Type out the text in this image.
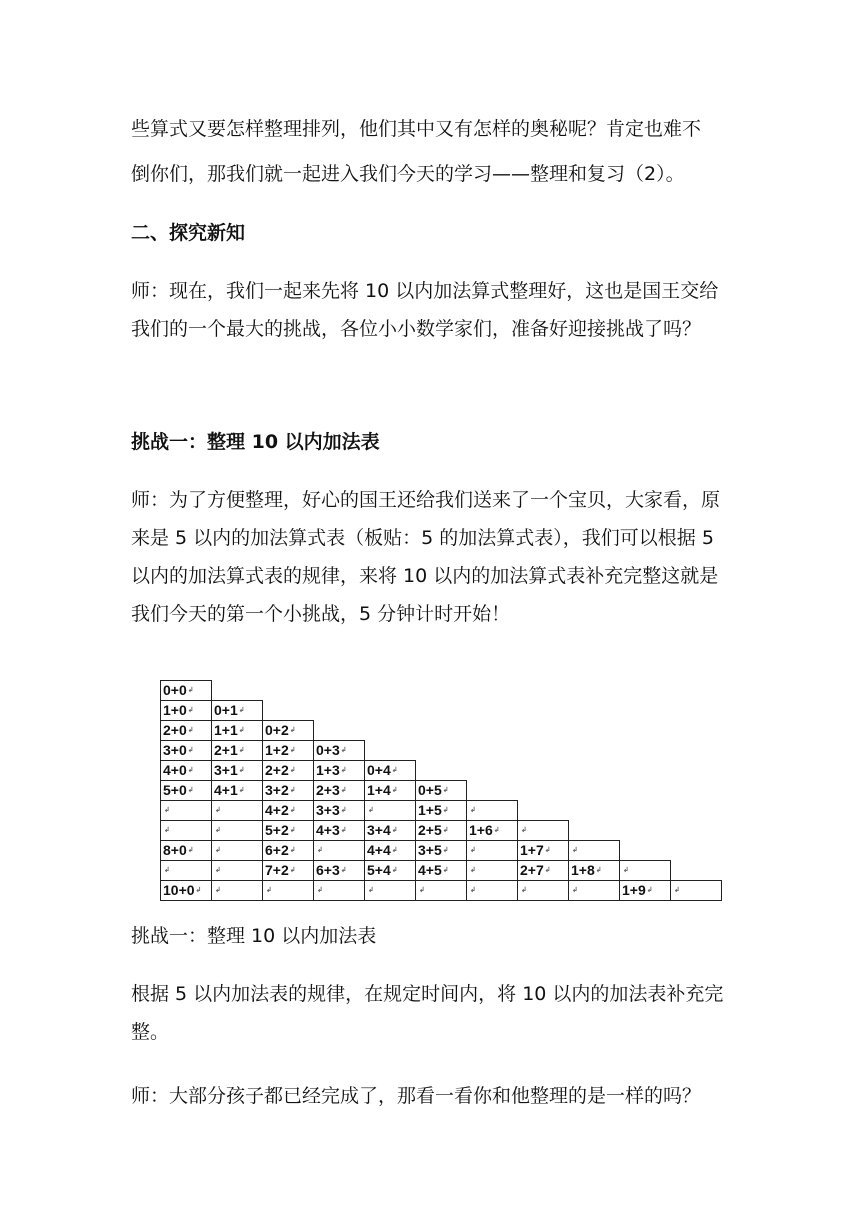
些算式又要怎样整理排列，他们其中又有怎样的奥秘呢？肯定也难不

倒你们，那我们就一起进入我们今天的学习——整理和复习（2）。

二、探究新知

师：现在，我们一起来先将 10 以内加法算式整理好，这也是国王交给我们的一个最大的挑战，各位小小数学家们，准备好迎接挑战了吗？

挑战一：整理 10 以内加法表

师：为了方便整理，好心的国王还给我们送来了一个宝贝，大家看，原来是 5 以内的加法算式表（板贴：5 的加法算式表），我们可以根据 5 以内的加法算式表的规律，来将 10 以内的加法算式表补充完整这就是我们今天的第一个小挑战，5 分钟计时开始！

0+0↲										
1+0↲	0+1↲									
2+0↲	1+1↲	0+2↲								
3+0↲	2+1↲	1+2↲	0+3↲							
4+0↲	3+1↲	2+2↲	1+3↲	0+4↲						
5+0↲	4+1↲	3+2↲	2+3↲	1+4↲	0+5↲					
↲	↲	4+2↲	3+3↲	↲	1+5↲	↲				
↲	↲	5+2↲	4+3↲	3+4↲	2+5↲	1+6↲	↲			
8+0↲	↲	6+2↲	↲	4+4↲	3+5↲	↲	1+7↲	↲		
↲	↲	7+2↲	6+3↲	5+4↲	4+5↲	↲	2+7↲	1+8↲	↲	
10+0↲	↲	↲	↲	↲	↲	↲	↲	↲	1+9↲	↲

挑战一：整理 10 以内加法表

根据 5 以内加法表的规律，在规定时间内，将 10 以内的加法表补充完整。

师：大部分孩子都已经完成了，那看一看你和他整理的是一样的吗？
